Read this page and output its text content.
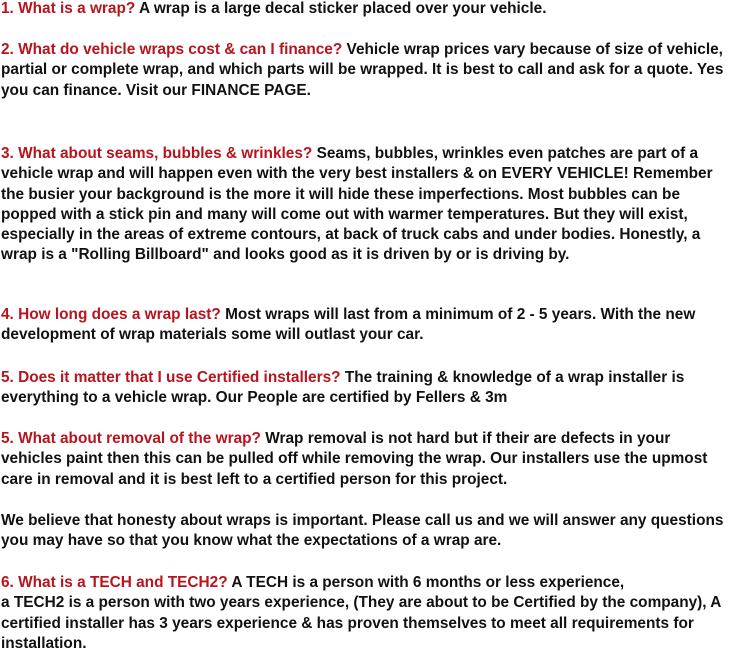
1. What is a wrap? A wrap is a large decal sticker placed over your vehicle.

2. What do vehicle wraps cost & can I finance? Vehicle wrap prices vary because of size of vehicle, partial or complete wrap, and which parts will be wrapped. It is best to call and ask for a quote. Yes you can finance. Visit our FINANCE PAGE.

3. What about seams, bubbles & wrinkles? Seams, bubbles, wrinkles even patches are part of a vehicle wrap and will happen even with the very best installers & on EVERY VEHICLE! Remember the busier your background is the more it will hide these imperfections. Most bubbles can be popped with a stick pin and many will come out with warmer temperatures. But they will exist, especially in the areas of extreme contours, at back of truck cabs and under bodies. Honestly, a wrap is a "Rolling Billboard" and looks good as it is driven by or is driving by.

4. How long does a wrap last? Most wraps will last from a minimum of 2 - 5 years. With the new development of wrap materials some will outlast your car.

5. Does it matter that I use Certified installers? The training & knowledge of a wrap installer is everything to a vehicle wrap. Our People are certified by Fellers & 3m

5. What about removal of the wrap? Wrap removal is not hard but if their are defects in your vehicles paint then this can be pulled off while removing the wrap. Our installers use the upmost care in removal and it is best left to a certified person for this project.

We believe that honesty about wraps is important. Please call us and we will answer any questions you may have so that you know what the expectations of a wrap are.

6. What is a TECH and TECH2? A TECH is a person with 6 months or less experience,
a TECH2 is a person with two years experience, (They are about to be Certified by the company), A certified installer has 3 years experience & has proven themselves to meet all requirements for installation.
